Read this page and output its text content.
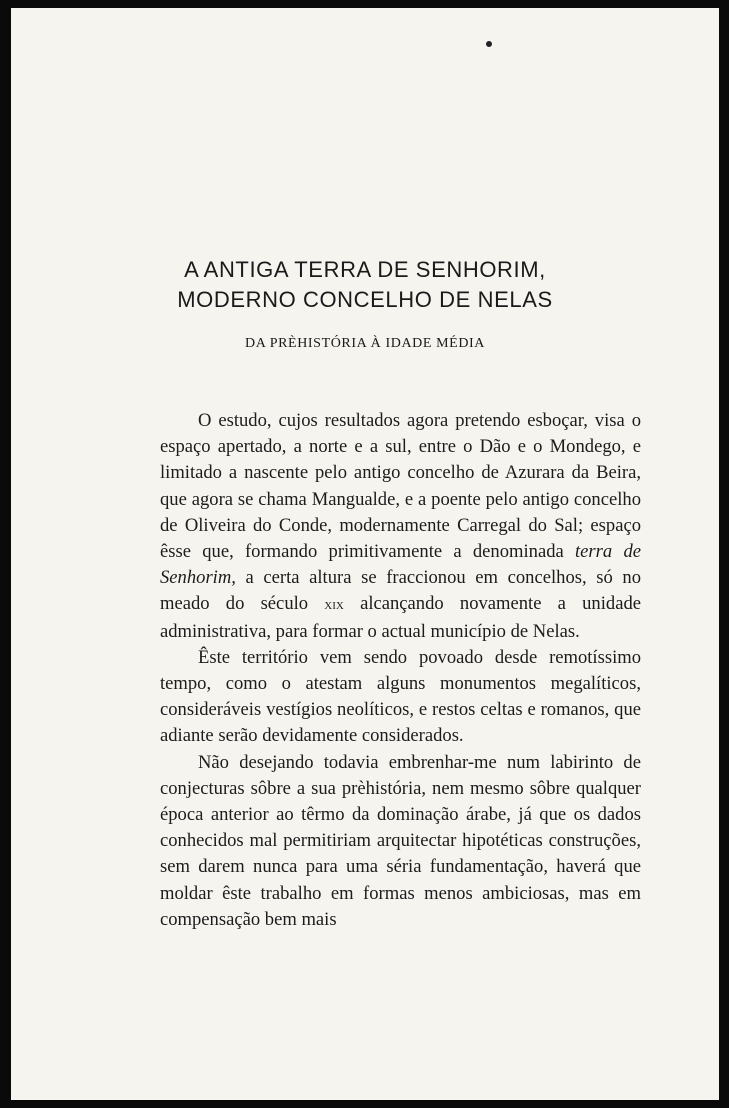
A ANTIGA TERRA DE SENHORIM,
MODERNO CONCELHO DE NELAS
DA PRÈHISTÓRIA À IDADE MÉDIA

O estudo, cujos resultados agora pretendo esboçar, visa o espaço apertado, a norte e a sul, entre o Dão e o Mondego, e limitado a nascente pelo antigo concelho de Azurara da Beira, que agora se chama Mangualde, e a poente pelo antigo concelho de Oliveira do Conde, modernamente Carregal do Sal; espaço êsse que, formando primitivamente a denominada terra de Senhorim, a certa altura se fraccionou em concelhos, só no meado do século xix alcançando novamente a unidade administrativa, para formar o actual município de Nelas.

Êste território vem sendo povoado desde remotíssimo tempo, como o atestam alguns monumentos megalíticos, consideráveis vestígios neolíticos, e restos celtas e romanos, que adiante serão devidamente considerados.

Não desejando todavia embrenhar-me num labirinto de conjecturas sôbre a sua prèhistória, nem mesmo sôbre qualquer época anterior ao têrmo da dominação árabe, já que os dados conhecidos mal permitiriam arquitectar hipotéticas construções, sem darem nunca para uma séria fundamentação, haverá que moldar êste trabalho em formas menos ambiciosas, mas em compensação bem mais
